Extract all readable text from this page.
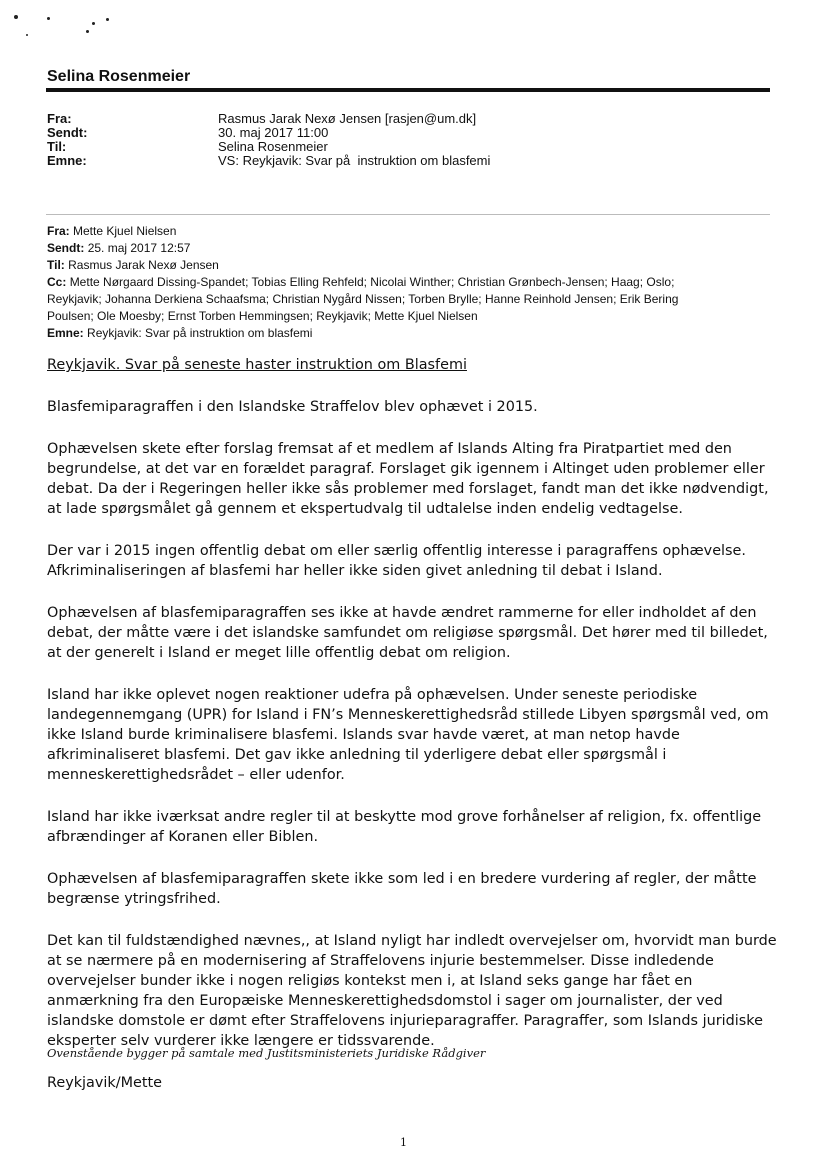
Selina Rosenmeier
Fra:	Rasmus Jarak Nexø Jensen [rasjen@um.dk]
Sendt:	30. maj 2017 11:00
Til:	Selina Rosenmeier
Emne:	VS: Reykjavik: Svar på  instruktion om blasfemi
Fra: Mette Kjuel Nielsen
Sendt: 25. maj 2017 12:57
Til: Rasmus Jarak Nexø Jensen
Cc: Mette Nørgaard Dissing-Spandet; Tobias Elling Rehfeld; Nicolai Winther; Christian Grønbech-Jensen; Haag; Oslo;
Reykjavik; Johanna Derkiena Schaafsma; Christian Nygård Nissen; Torben Brylle; Hanne Reinhold Jensen; Erik Bering
Poulsen; Ole Moesby; Ernst Torben Hemmingsen; Reykjavik; Mette Kjuel Nielsen
Emne: Reykjavik: Svar på instruktion om blasfemi

Reykjavik. Svar på seneste haster instruktion om Blasfemi

Blasfemiparagraffen i den Islandske Straffelov blev ophævet i 2015.

Ophævelsen skete efter forslag fremsat af et medlem af Islands Alting fra Piratpartiet med den begrundelse, at det var en forældet paragraf. Forslaget gik igennem i Altinget uden problemer eller debat. Da der i Regeringen heller ikke sås problemer med forslaget, fandt man det ikke nødvendigt, at lade spørgsmålet gå gennem et ekspertudvalg til udtalelse inden endelig vedtagelse.

Der var i 2015 ingen offentlig debat om eller særlig offentlig interesse i paragraffens ophævelse. Afkriminaliseringen af blasfemi har heller ikke siden givet anledning til debat i Island.

Ophævelsen af blasfemiparagraffen ses ikke at havde ændret rammerne for eller indholdet af den debat, der måtte være i det islandske samfundet om religiøse spørgsmål. Det hører med til billedet, at der generelt i Island er meget lille offentlig debat om religion.

Island har ikke oplevet nogen reaktioner udefra på ophævelsen. Under seneste periodiske landegennemgang (UPR) for Island i FN’s Menneskerettighedsråd stillede Libyen spørgsmål ved, om ikke Island burde kriminalisere blasfemi. Islands svar havde været, at man netop havde afkriminaliseret blasfemi. Det gav ikke anledning til yderligere debat eller spørgsmål i menneskerettighedsrådet – eller udenfor.

Island har ikke iværksat andre regler til at beskytte mod grove forhånelser af religion, fx. offentlige afbrændinger af Koranen eller Biblen.

Ophævelsen af blasfemiparagraffen skete ikke som led i en bredere vurdering af regler, der måtte begrænse ytringsfrihed.

Det kan til fuldstændighed nævnes,, at Island nyligt har indledt overvejelser om, hvorvidt man burde at se nærmere på en modernisering af Straffelovens injurie bestemmelser. Disse indledende overvejelser bunder ikke i nogen religiøs kontekst men i, at Island seks gange har fået en anmærkning fra den Europæiske Menneskerettighedsdomstol i sager om journalister, der ved islandske domstole er dømt efter Straffelovens injurieparagraffer. Paragraffer, som Islands juridiske eksperter selv vurderer ikke længere er tidssvarende.

Ovenstående bygger på samtale med Justitsministeriets Juridiske Rådgiver
Reykjavik/Mette
1
